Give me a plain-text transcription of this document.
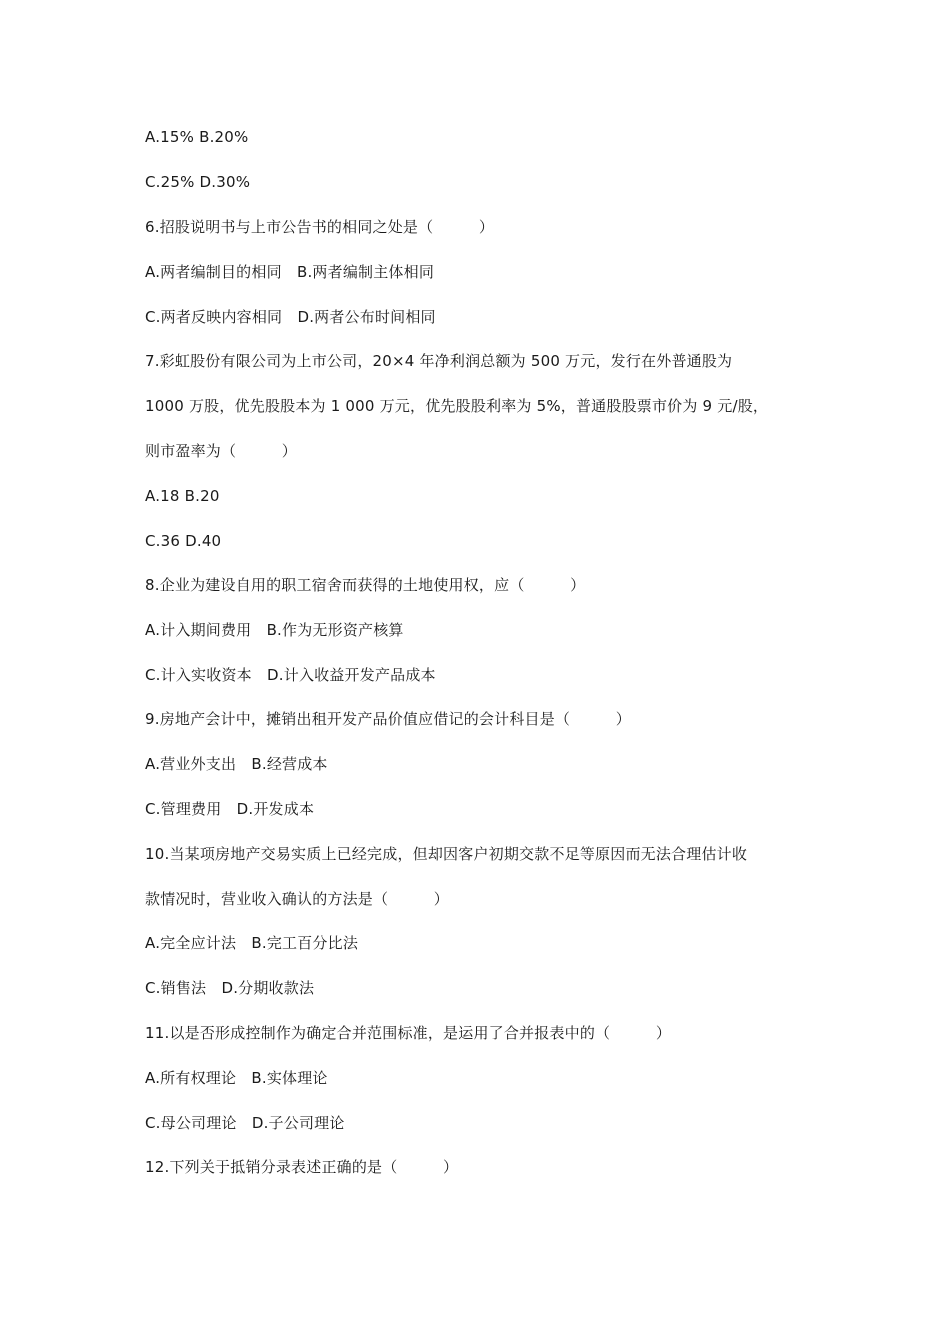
A.15% B.20%
C.25% D.30%
6.招股说明书与上市公告书的相同之处是（　　　）
A.两者编制目的相同　B.两者编制主体相同
C.两者反映内容相同　D.两者公布时间相同
7.彩虹股份有限公司为上市公司，20×4 年净利润总额为 500 万元，发行在外普通股为
1000 万股，优先股股本为 1 000 万元，优先股股利率为 5%，普通股股票市价为 9 元/股，
则市盈率为（　　　）
A.18 B.20
C.36 D.40
8.企业为建设自用的职工宿舍而获得的土地使用权，应（　　　）
A.计入期间费用　B.作为无形资产核算
C.计入实收资本　D.计入收益开发产品成本
9.房地产会计中，摊销出租开发产品价值应借记的会计科目是（　　　）
A.营业外支出　B.经营成本
C.管理费用　D.开发成本
10.当某项房地产交易实质上已经完成，但却因客户初期交款不足等原因而无法合理估计收
款情况时，营业收入确认的方法是（　　　）
A.完全应计法　B.完工百分比法
C.销售法　D.分期收款法
11.以是否形成控制作为确定合并范围标准，是运用了合并报表中的（　　　）
A.所有权理论　B.实体理论
C.母公司理论　D.子公司理论
12.下列关于抵销分录表述正确的是（　　　）
